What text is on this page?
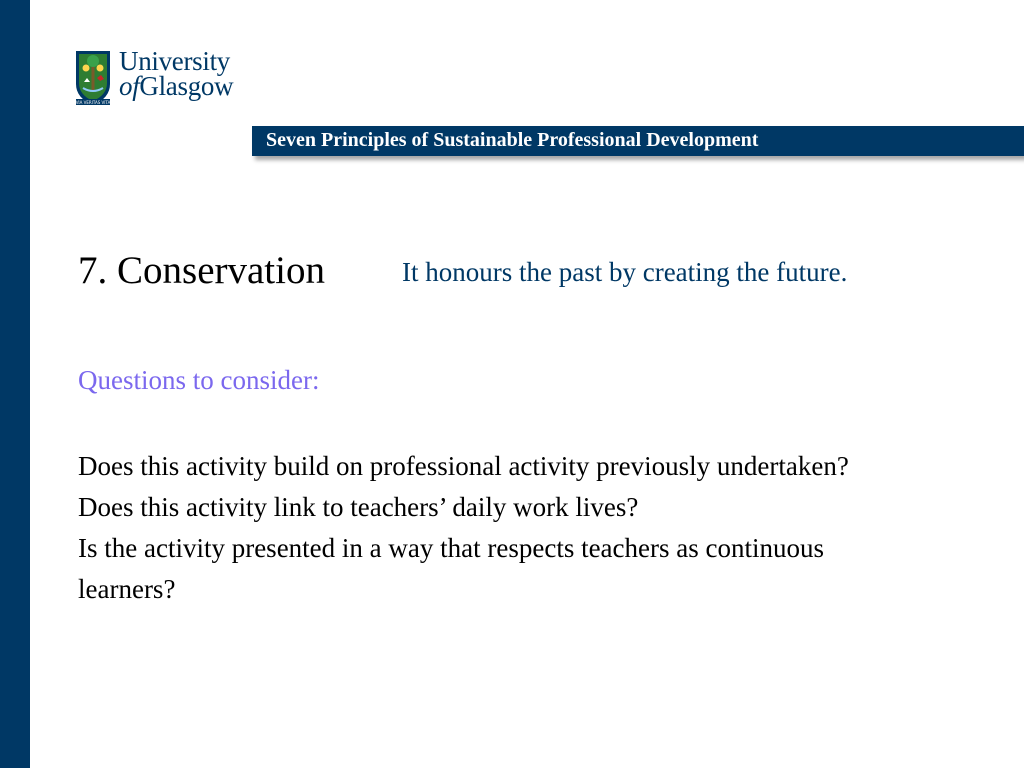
VIA VERITAS VITA
University
ofGlasgow
Seven Principles of Sustainable Professional Development
7. Conservation	It honours the past by creating the future.
Questions to consider:

Does this activity build on professional activity previously undertaken?

Does this activity link to teachers’ daily work lives?

Is the activity presented in a way that respects teachers as continuous learners?
